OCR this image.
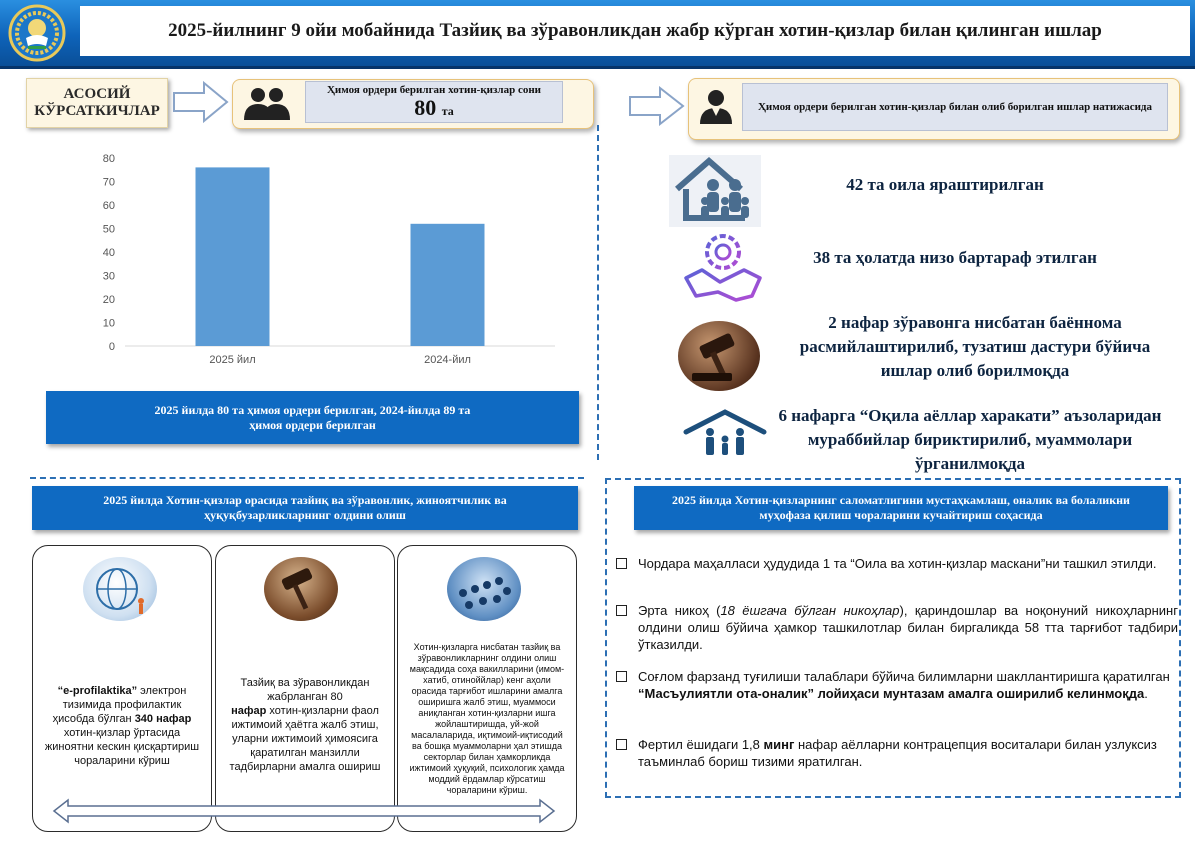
2025-йилнинг 9 ойи мобайнида Тазйиқ ва зўравонликдан жабр кўрган хотин-қизлар билан қилинган ишлар
АСОСИЙ КЎРСАТКИЧЛАР
Ҳимоя ордери берилган хотин-қизлар сони
80 та	Ҳимоя ордери берилган хотин-қизлар билан олиб борилган ишлар натижасида
0
10
20
30
40
50
60
70
80
2025 йил	2024-йил
2025 йилда 80 та ҳимоя ордери берилган, 2024-йилда 89 та ҳимоя ордери берилган
42 та оила яраштирилган
38 та ҳолатда низо бартараф этилган
2 нафар зўравонга нисбатан баённома расмийлаштирилиб, тузатиш дастури бўйича ишлар олиб борилмоқда
6 нафарга “Оқила аёллар харакати” аъзоларидан мураббийлар бириктирилиб, муаммолари ўрганилмоқда
2025 йилда Хотин-қизлар орасида тазйиқ ва зўравонлик, жиноятчилик ва ҳуқуқбузарликларнинг олдини олиш
“e-profilaktika” электрон тизимида профилактик ҳисобда бўлган 340 нафар хотин-қизлар ўртасида жиноятни кескин қисқартириш чораларини кўриш
Тазйиқ ва зўравонликдан жабрланган 80
нафар хотин-қизларни фаол ижтимоий ҳаётга жалб этиш, уларни ижтимоий ҳимоясига қаратилган манзилли тадбирларни амалга ошириш
Хотин-қизларга нисбатан тазйиқ ва зўравонликларнинг олдини олиш мақсадида соҳа вакилларини (имом-хатиб, отиноййлар) кенг аҳоли орасида тарғибот ишларини амалга оширишга жалб этиш, муаммоси аниқланган хотин-қизларни ишга жойлаштиришда, уй-жой масалаларида, иқтимоий-иқтисодий ва бошқа муаммоларни ҳал этишда секторлар билан ҳамкорликда ижтимоий ҳуқуқий, психологик ҳамда моддий ёрдамлар кўрсатиш чораларини кўриш.
2025 йилда Хотин-қизларнинг саломатлигини мустаҳкамлаш, оналик ва болаликни муҳофаза қилиш чораларини кучайтириш соҳасида
Чордара маҳалласи ҳудудида 1 та “Оила ва хотин-қизлар маскани”ни ташкил этилди.
Эрта никоҳ (18 ёшгача бўлган никоҳлар), қариндошлар ва ноқонуний никоҳларнинг олдини олиш бўйича ҳамкор ташкилотлар билан биргаликда 58 тта тарғибот тадбири ўтказилди.
Соғлом фарзанд туғилиши талаблари бўйича билимларни шакллантиришга қаратилган “Масъулиятли ота-оналик” лойиҳаси мунтазам амалга оширилиб келинмоқда.
Фертил ёшидаги 1,8 минг нафар аёлларни контрацепция воситалари билан узлуксиз таъминлаб бориш тизими яратилган.
